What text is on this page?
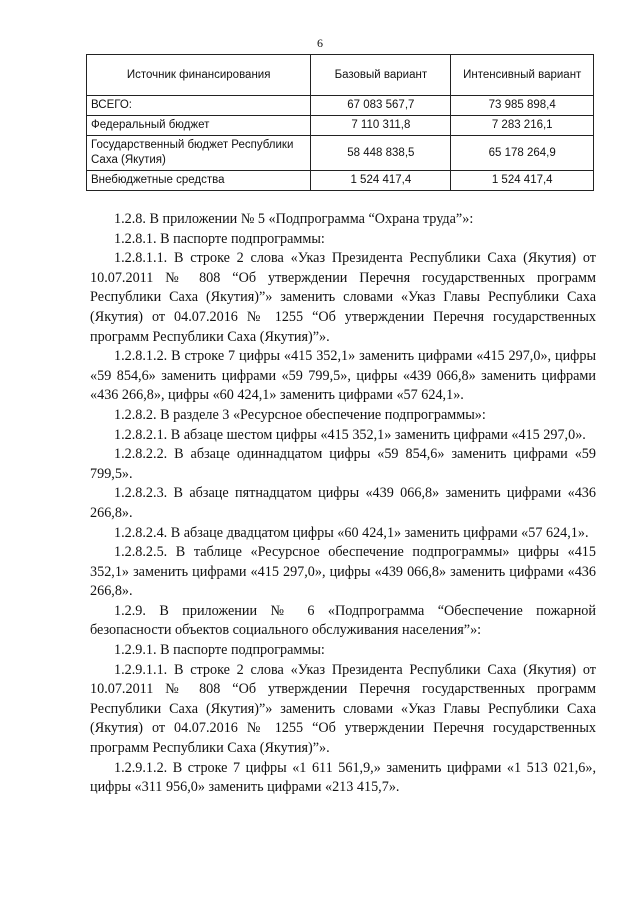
6
Источник финансирования	Базовый вариант	Интенсивный вариант
ВСЕГО:	67 083 567,7	73 985 898,4
Федеральный бюджет	7 110 311,8	7 283 216,1
Государственный бюджет Республики Саха (Якутия)	58 448 838,5	65 178 264,9
Внебюджетные средства	1 524 417,4	1 524 417,4

1.2.8. В приложении № 5 «Подпрограмма “Охрана труда”»:

1.2.8.1. В паспорте подпрограммы:

1.2.8.1.1. В строке 2 слова «Указ Президента Республики Саха (Якутия) от 10.07.2011 № 808 “Об утверждении Перечня государственных программ Республики Саха (Якутия)”» заменить словами «Указ Главы Республики Саха (Якутия) от 04.07.2016 № 1255 “Об утверждении Перечня государственных программ Республики Саха (Якутия)”».

1.2.8.1.2. В строке 7 цифры «415 352,1» заменить цифрами «415 297,0», цифры «59 854,6» заменить цифрами «59 799,5», цифры «439 066,8» заменить цифрами «436 266,8», цифры «60 424,1» заменить цифрами «57 624,1».

1.2.8.2. В разделе 3 «Ресурсное обеспечение подпрограммы»:

1.2.8.2.1. В абзаце шестом цифры «415 352,1» заменить цифрами «415 297,0».

1.2.8.2.2. В абзаце одиннадцатом цифры «59 854,6» заменить цифрами «59 799,5».

1.2.8.2.3. В абзаце пятнадцатом цифры «439 066,8» заменить цифрами «436 266,8».

1.2.8.2.4. В абзаце двадцатом цифры «60 424,1» заменить цифрами «57 624,1».

1.2.8.2.5. В таблице «Ресурсное обеспечение подпрограммы» цифры «415 352,1» заменить цифрами «415 297,0», цифры «439 066,8» заменить цифрами «436 266,8».

1.2.9. В приложении № 6 «Подпрограмма “Обеспечение пожарной безопасности объектов социального обслуживания населения”»:

1.2.9.1. В паспорте подпрограммы:

1.2.9.1.1. В строке 2 слова «Указ Президента Республики Саха (Якутия) от 10.07.2011 № 808 “Об утверждении Перечня государственных программ Республики Саха (Якутия)”» заменить словами «Указ Главы Республики Саха (Якутия) от 04.07.2016 № 1255 “Об утверждении Перечня государственных программ Республики Саха (Якутия)”».

1.2.9.1.2. В строке 7 цифры «1 611 561,9,» заменить цифрами «1 513 021,6», цифры «311 956,0» заменить цифрами «213 415,7».
